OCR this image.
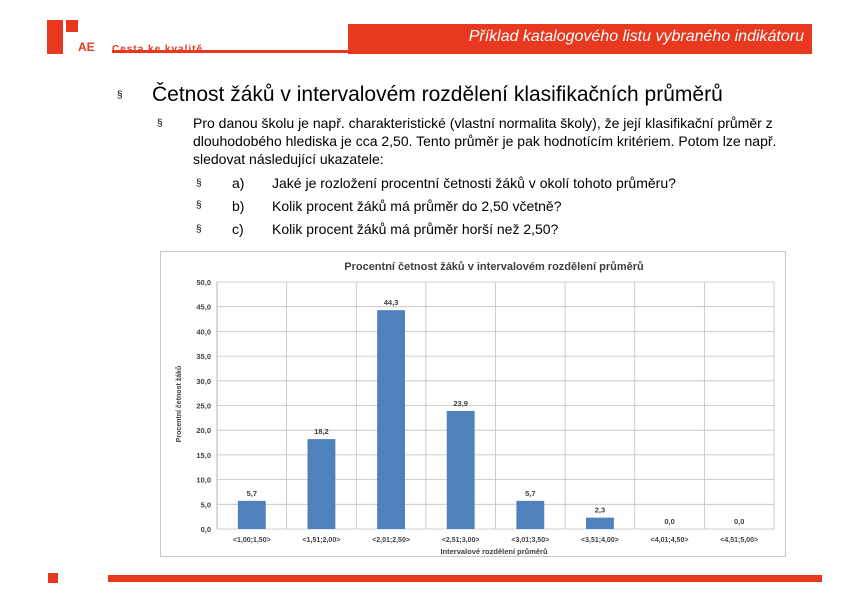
AE
Příklad katalogového listu vybraného indikátoru
§ Četnost žáků v intervalovém rozdělení klasifikačních průměrů
§ Pro danou školu je např. charakteristické (vlastní normalita školy), že její klasifikační průměr z dlouhodobého hlediska je cca 2,50. Tento průměr je pak hodnotícím kritériem. Potom lze např. sledovat následující ukazatele:
§ a) Jaké je rozložení procentní četnosti žáků v okolí tohoto průměru?
§ b) Kolik procent žáků má průměr do 2,50 včetně?
§ c) Kolik procent žáků má průměr horší než 2,50?
Procentní četnost žáků v intervalovém rozdělení průměrů
Procentní četnost žáků
Intervalové rozdělení průměrů
0,0
5,0
10,0
15,0
20,0
25,0
30,0
35,0
40,0
45,0
50,0
5,7
<1,00;1,50>
18,2
<1,51;2,00>
44,3
<2,01;2,50>
23,9
<2,51;3,00>
5,7
<3,01;3,50>
2,3
<3,51;4,00>
0,0
<4,01;4,50>
0,0
<4,51;5,00>
